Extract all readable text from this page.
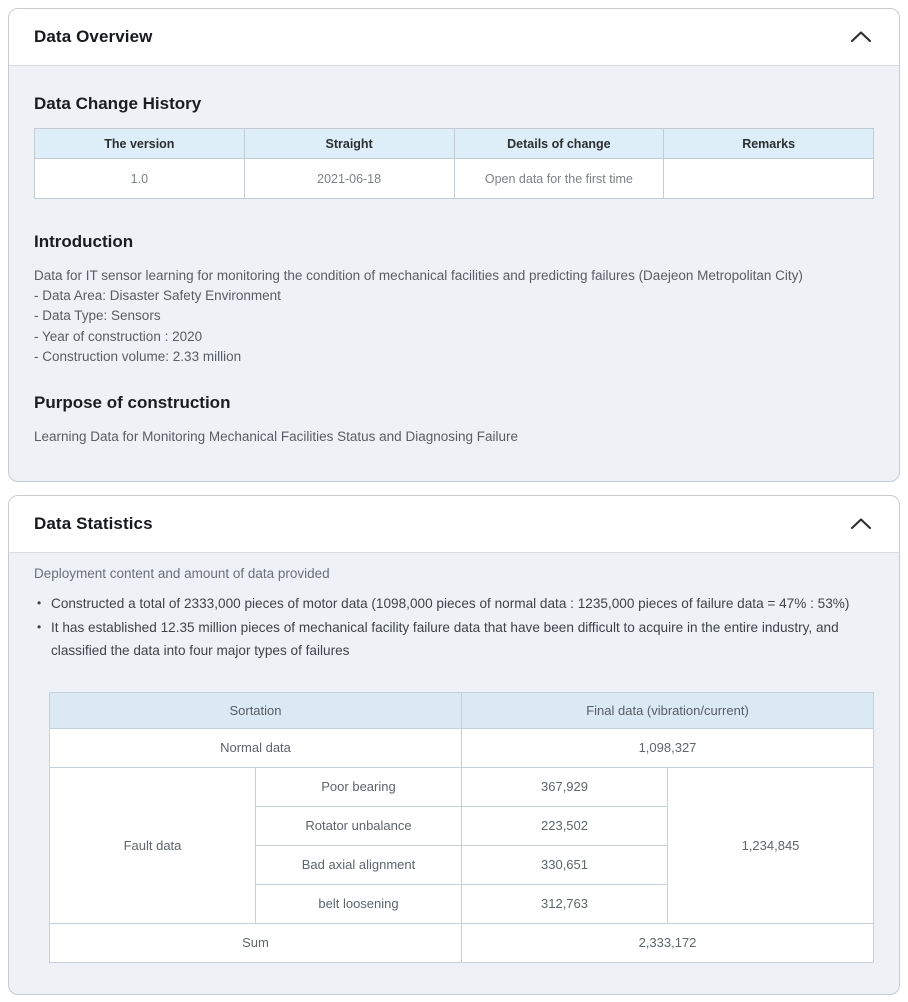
Data Overview
Data Change History
The version	Straight	Details of change	Remarks
1.0	2021-06-18	Open data for the first time	
Introduction

Data for IT sensor learning for monitoring the condition of mechanical facilities and predicting failures (Daejeon Metropolitan City)

- Data Area: Disaster Safety Environment

- Data Type: Sensors

- Year of construction : 2020

- Construction volume: 2.33 million

Purpose of construction

Learning Data for Monitoring Mechanical Facilities Status and Diagnosing Failure

Data Statistics

Deployment content and amount of data provided

• Constructed a total of 2333,000 pieces of motor data (1098,000 pieces of normal data : 1235,000 pieces of failure data = 47% : 53%)
• It has established 12.35 million pieces of mechanical facility failure data that have been difficult to acquire in the entire industry, and classified the data into four major types of failures
Sortation		Final data (vibration/current)	
Normal data		1,098,327	
Fault data	Poor bearing	367,929	1,234,845
	Rotator unbalance	223,502	
	Bad axial alignment	330,651	
	belt loosening	312,763	
Sum		2,333,172	
